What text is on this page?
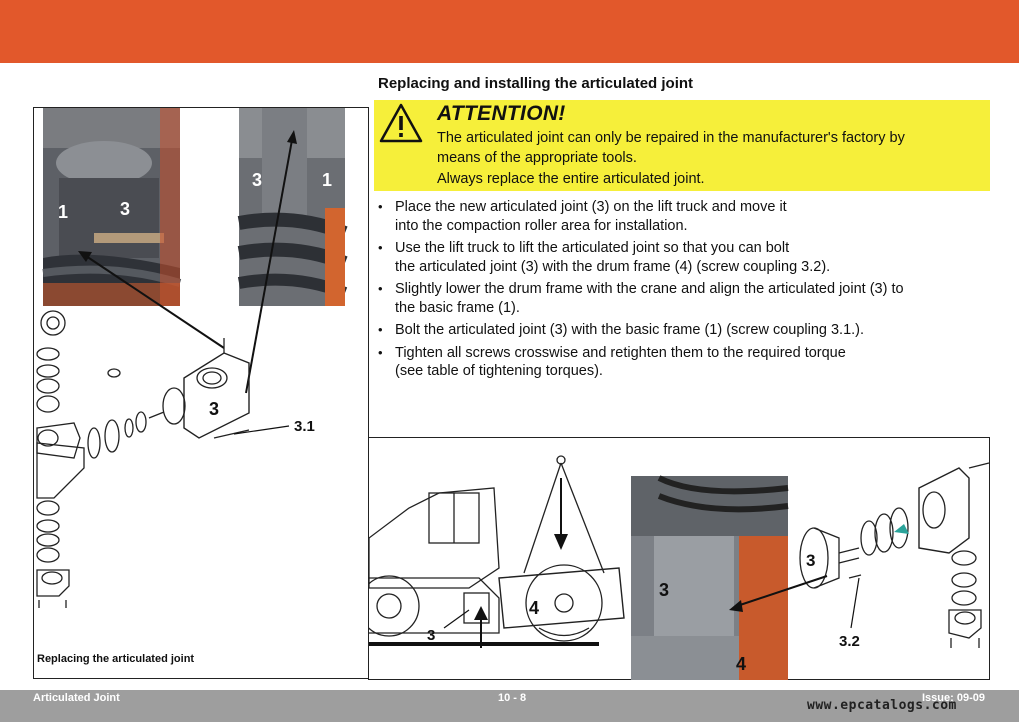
Replacing and installing the articulated joint
ATTENTION!
The articulated joint can only be repaired in the manufacturer's factory by
means of the appropriate tools.
Always replace the entire articulated joint.
• Place the new articulated joint (3) on the lift truck and move it
into the compaction roller area for installation.
• Use the lift truck to lift the articulated joint so that you can bolt
the articulated joint (3) with the drum frame (4) (screw coupling 3.2).
• Slightly lower the drum frame with the crane and align the articulated joint (3) to
the basic frame (1).
• Bolt the articulated joint (3) with the basic frame (1) (screw coupling 3.1.).
• Tighten all screws crosswise and retighten them to the required torque
(see table of tightening torques).
1	3
3	1
3
3.1
Replacing the articulated joint
4
3
3
4
3
3.2
Articulated Joint	10 - 8	Issue: 09-09
www.epcatalogs.com
